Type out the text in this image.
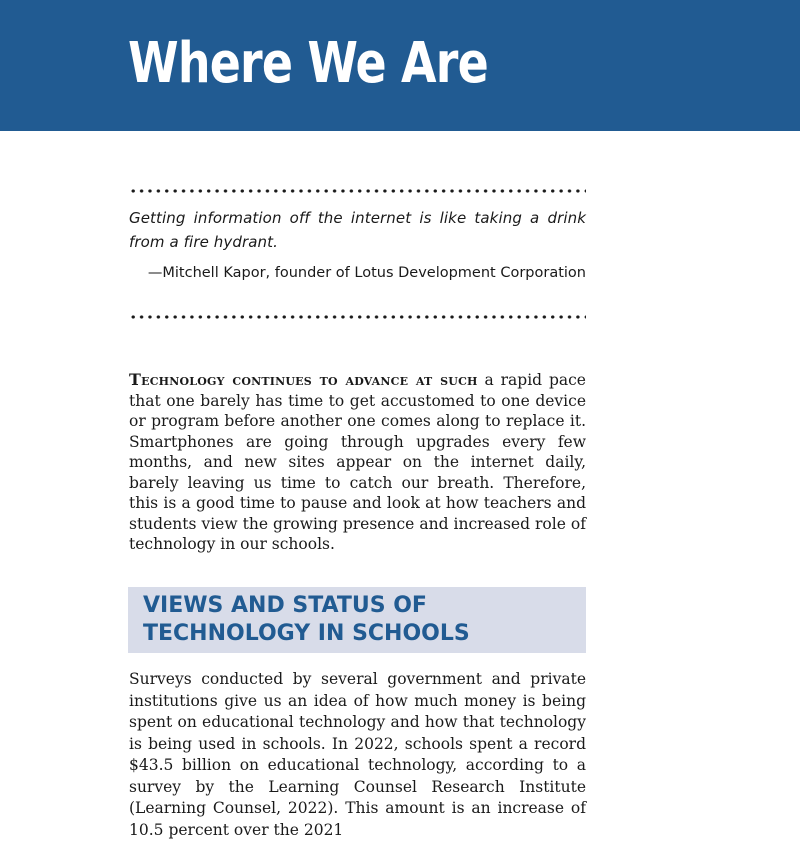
Where We Are

Getting information off the internet is like taking a drink from a fire hydrant.

—Mitchell Kapor, founder of Lotus Development Corporation

Technology continues to advance at such a rapid pace that one barely has time to get accustomed to one device or program before another one comes along to replace it. Smartphones are going through upgrades every few months, and new sites appear on the internet daily, barely leaving us time to catch our breath. Therefore, this is a good time to pause and look at how teachers and students view the growing presence and increased role of technology in our schools.

VIEWS AND STATUS OF TECHNOLOGY IN SCHOOLS

Surveys conducted by several government and private institutions give us an idea of how much money is being spent on educational technology and how that technology is being used in schools. In 2022, schools spent a record $43.5 billion on educational technology, according to a survey by the Learning Counsel Research Institute (Learning Counsel, 2022). This amount is an increase of 10.5 percent over the 2021
